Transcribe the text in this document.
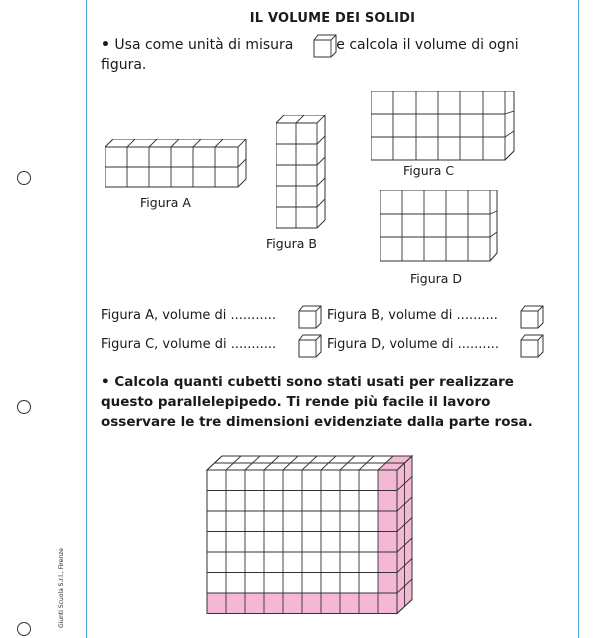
Giunti Scuola S.r.l., Firenze
IL VOLUME DEI SOLIDI
• Usa come unità di misura	e calcola il volume di ogni
figura.
Figura A
Figura B
Figura C
Figura D
Figura A, volume di ...........	Figura B, volume di ..........
Figura C, volume di ...........	Figura D, volume di ..........
• Calcola quanti cubetti sono stati usati per realizzare
questo parallelepipedo. Ti rende più facile il lavoro
osservare le tre dimensioni evidenziate dalla parte rosa.
